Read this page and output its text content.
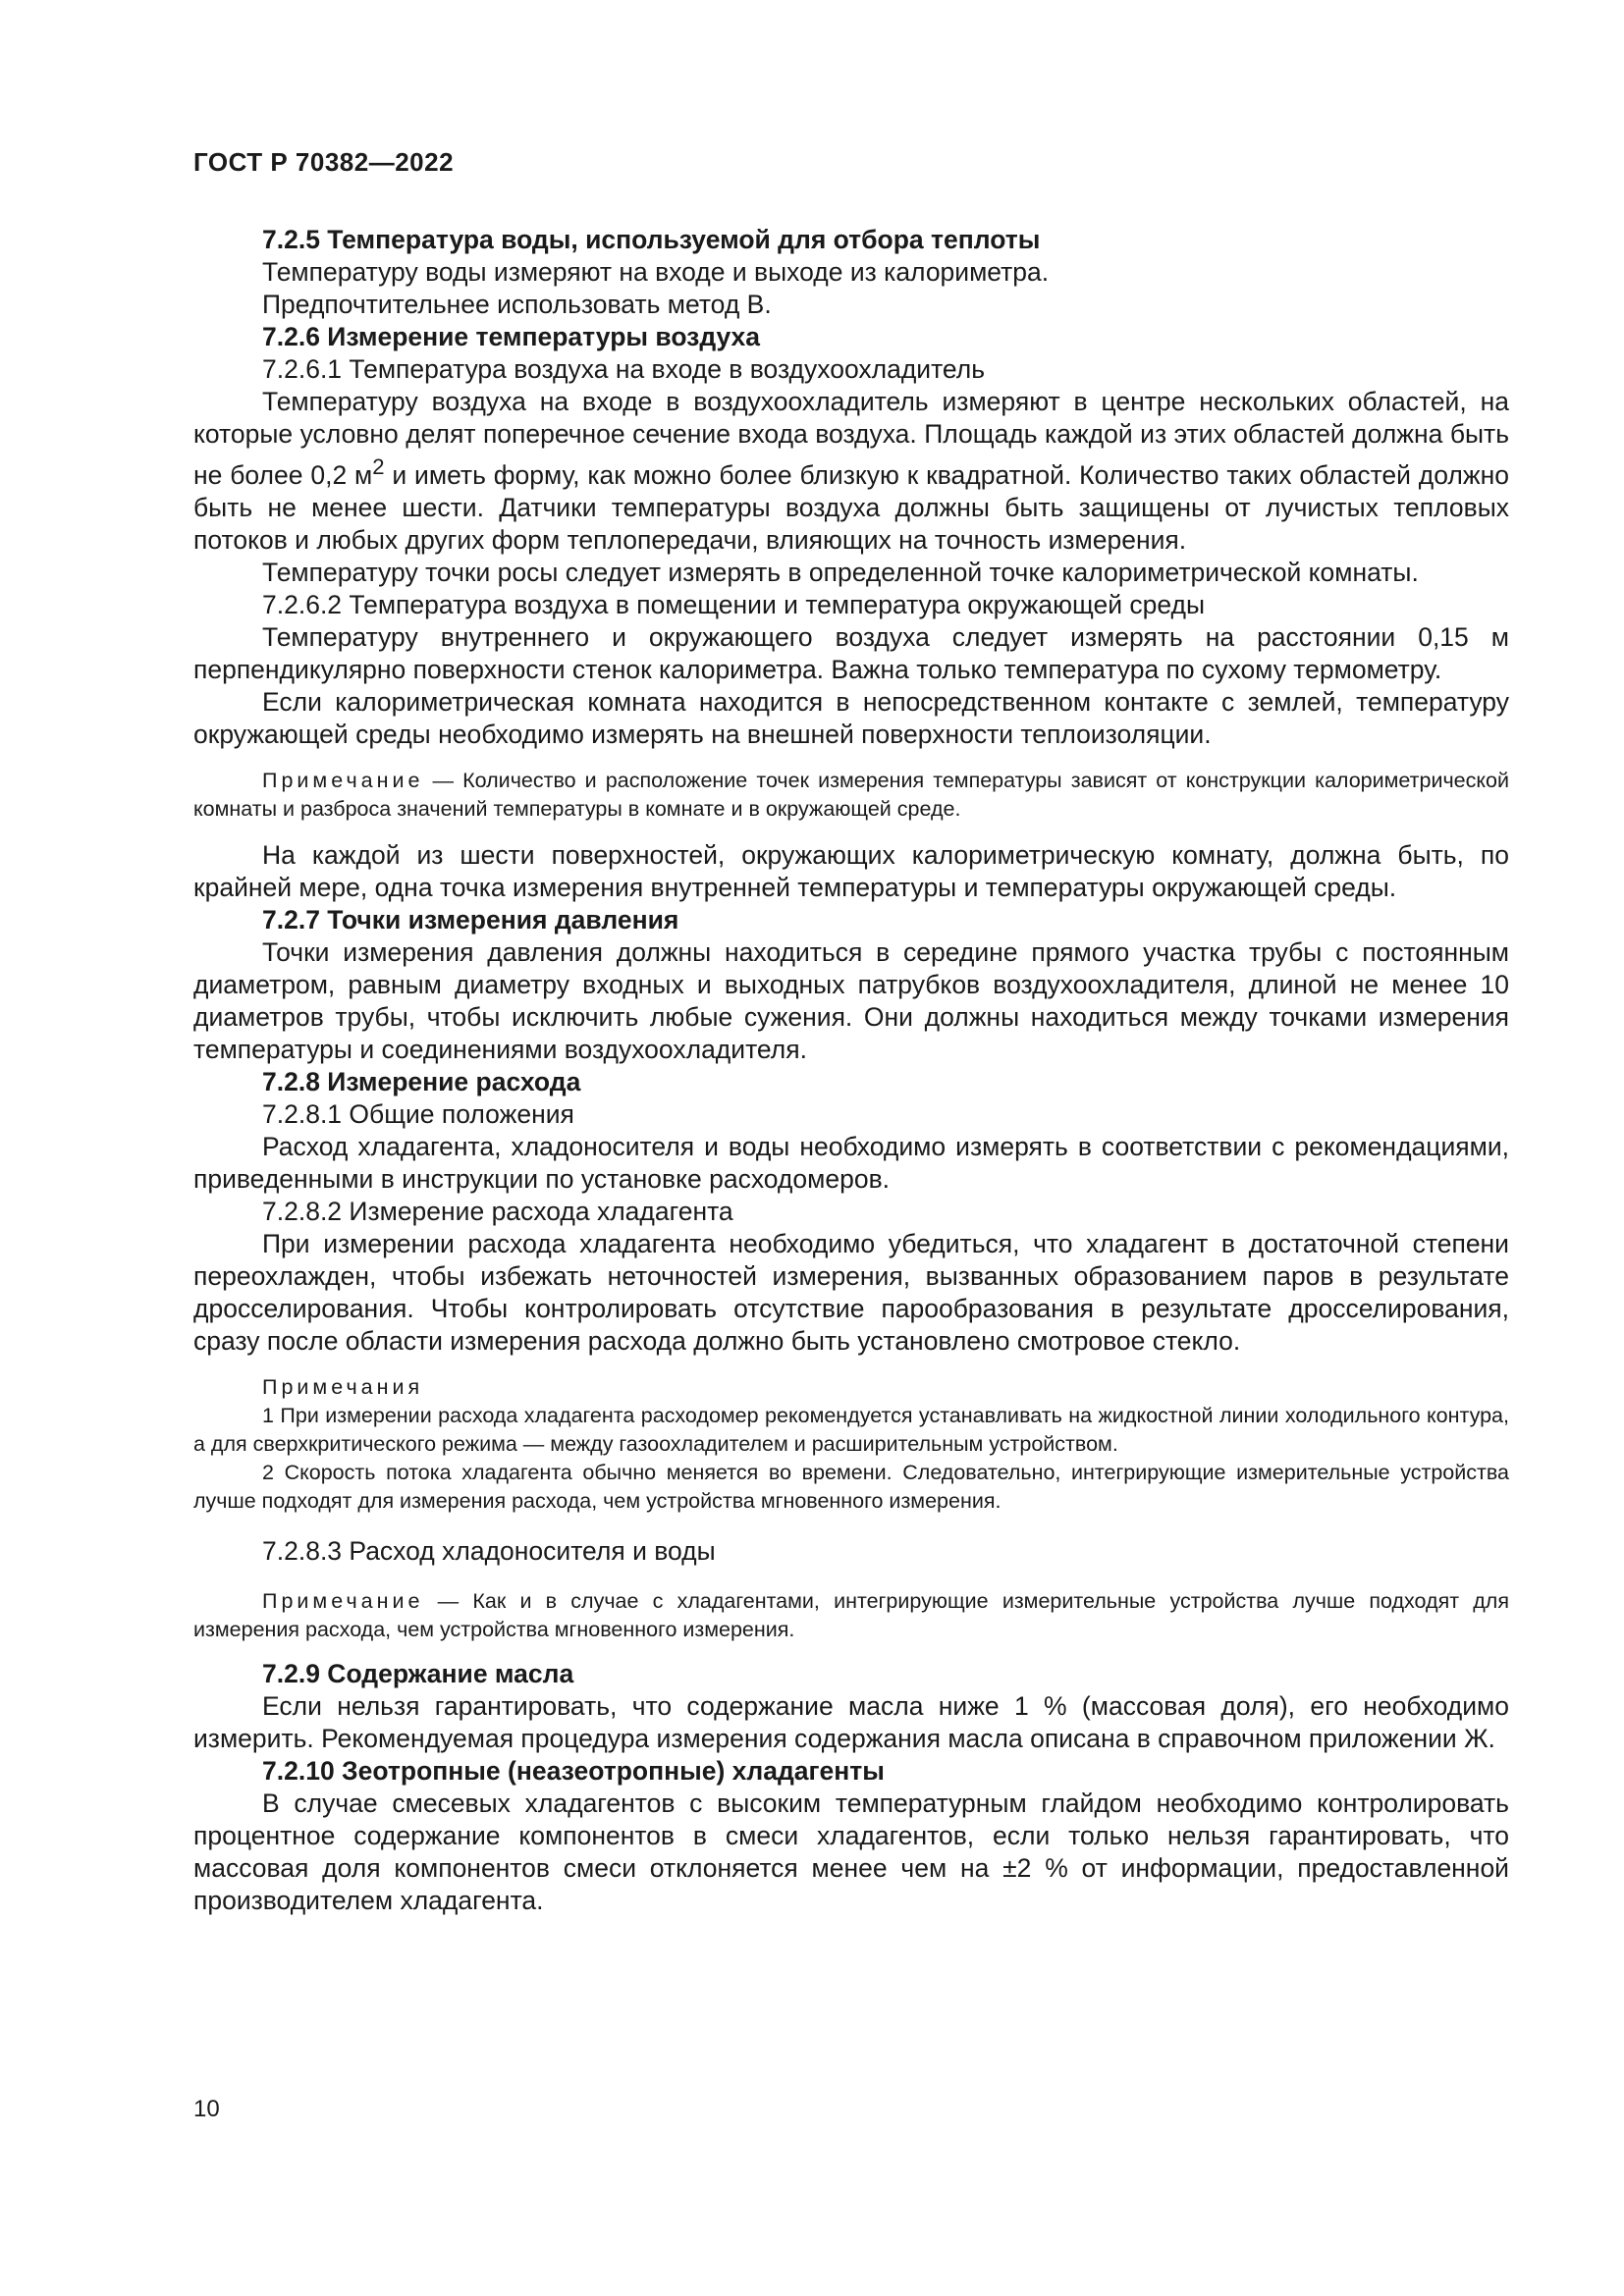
ГОСТ Р 70382—2022

7.2.5 Температура воды, используемой для отбора теплоты

Температуру воды измеряют на входе и выходе из калориметра.

Предпочтительнее использовать метод В.

7.2.6 Измерение температуры воздуха

7.2.6.1 Температура воздуха на входе в воздухоохладитель

Температуру воздуха на входе в воздухоохладитель измеряют в центре нескольких областей, на которые условно делят поперечное сечение входа воздуха. Площадь каждой из этих областей должна быть не более 0,2 $м^2$ и иметь форму, как можно более близкую к квадратной. Количество таких областей должно быть не менее шести. Датчики температуры воздуха должны быть защищены от лучистых тепловых потоков и любых других форм теплопередачи, влияющих на точность измерения.

Температуру точки росы следует измерять в определенной точке калориметрической комнаты.

7.2.6.2 Температура воздуха в помещении и температура окружающей среды

Температуру внутреннего и окружающего воздуха следует измерять на расстоянии 0,15 м перпендикулярно поверхности стенок калориметра. Важна только температура по сухому термометру.

Если калориметрическая комната находится в непосредственном контакте с землей, температуру окружающей среды необходимо измерять на внешней поверхности теплоизоляции.

Примечание — Количество и расположение точек измерения температуры зависят от конструкции калориметрической комнаты и разброса значений температуры в комнате и в окружающей среде.

На каждой из шести поверхностей, окружающих калориметрическую комнату, должна быть, по крайней мере, одна точка измерения внутренней температуры и температуры окружающей среды.

7.2.7 Точки измерения давления

Точки измерения давления должны находиться в середине прямого участка трубы с постоянным диаметром, равным диаметру входных и выходных патрубков воздухоохладителя, длиной не менее 10 диаметров трубы, чтобы исключить любые сужения. Они должны находиться между точками измерения температуры и соединениями воздухоохладителя.

7.2.8 Измерение расхода

7.2.8.1 Общие положения

Расход хладагента, хладоносителя и воды необходимо измерять в соответствии с рекомендациями, приведенными в инструкции по установке расходомеров.

7.2.8.2 Измерение расхода хладагента

При измерении расхода хладагента необходимо убедиться, что хладагент в достаточной степени переохлажден, чтобы избежать неточностей измерения, вызванных образованием паров в результате дросселирования. Чтобы контролировать отсутствие парообразования в результате дросселирования, сразу после области измерения расхода должно быть установлено смотровое стекло.

Примечания

1 При измерении расхода хладагента расходомер рекомендуется устанавливать на жидкостной линии холодильного контура, а для сверхкритического режима — между газоохладителем и расширительным устройством.

2 Скорость потока хладагента обычно меняется во времени. Следовательно, интегрирующие измерительные устройства лучше подходят для измерения расхода, чем устройства мгновенного измерения.

7.2.8.3 Расход хладоносителя и воды

Примечание — Как и в случае с хладагентами, интегрирующие измерительные устройства лучше подходят для измерения расхода, чем устройства мгновенного измерения.

7.2.9 Содержание масла

Если нельзя гарантировать, что содержание масла ниже 1 % (массовая доля), его необходимо измерить. Рекомендуемая процедура измерения содержания масла описана в справочном приложении Ж.

7.2.10 Зеотропные (неазеотропные) хладагенты

В случае смесевых хладагентов с высоким температурным глайдом необходимо контролировать процентное содержание компонентов в смеси хладагентов, если только нельзя гарантировать, что массовая доля компонентов смеси отклоняется менее чем на ±2 % от информации, предоставленной производителем хладагента.

10
